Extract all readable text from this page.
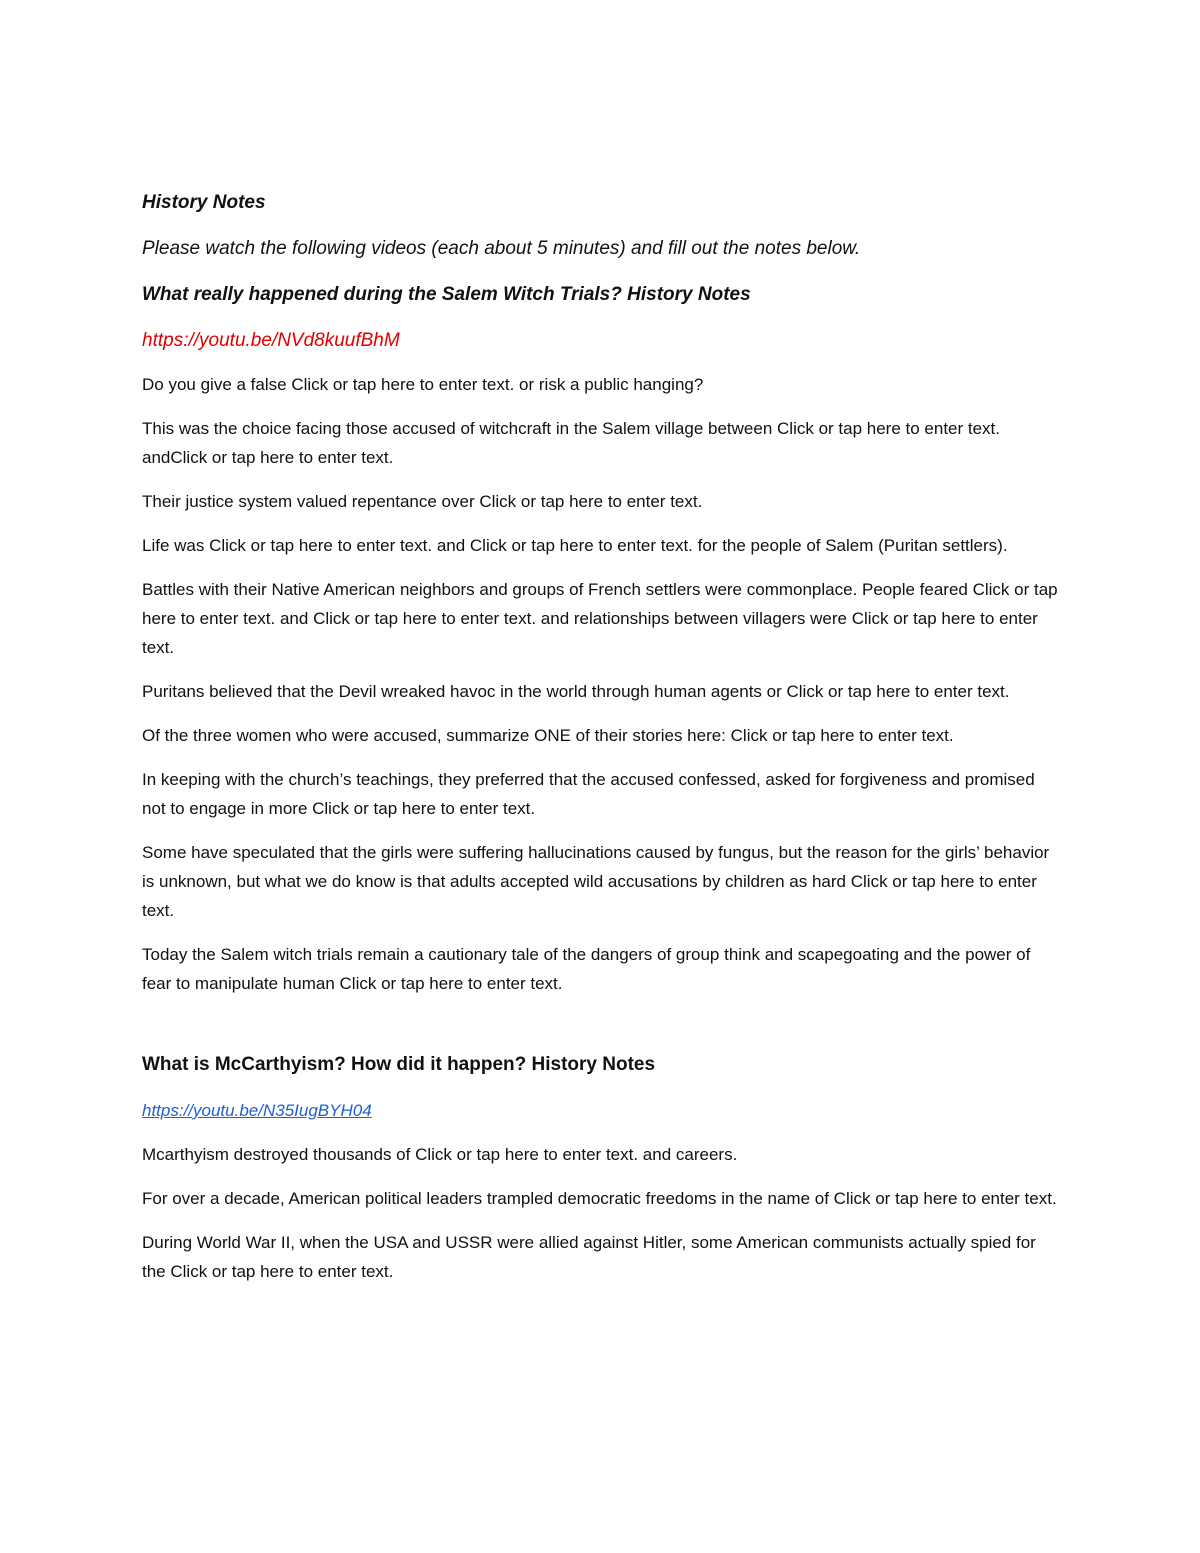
History Notes
Please watch the following videos (each about 5 minutes) and fill out the notes below.
What really happened during the Salem Witch Trials? History Notes
https://youtu.be/NVd8kuufBhM

Do you give a false Click or tap here to enter text. or risk a public hanging?

This was the choice facing those accused of witchcraft in the Salem village between Click or tap here to enter text. andClick or tap here to enter text.

Their justice system valued repentance over Click or tap here to enter text.

Life was Click or tap here to enter text. and Click or tap here to enter text. for the people of Salem (Puritan settlers).

Battles with their Native American neighbors and groups of French settlers were commonplace. People feared Click or tap here to enter text. and Click or tap here to enter text. and relationships between villagers were Click or tap here to enter text.

Puritans believed that the Devil wreaked havoc in the world through human agents or Click or tap here to enter text.

Of the three women who were accused, summarize ONE of their stories here: Click or tap here to enter text.

In keeping with the church’s teachings, they preferred that the accused confessed, asked for forgiveness and promised not to engage in more Click or tap here to enter text.

Some have speculated that the girls were suffering hallucinations caused by fungus, but the reason for the girls’ behavior is unknown, but what we do know is that adults accepted wild accusations by children as hard Click or tap here to enter text.

Today the Salem witch trials remain a cautionary tale of the dangers of group think and scapegoating and the power of fear to manipulate human Click or tap here to enter text.

What is McCarthyism? How did it happen? History Notes
https://youtu.be/N35IugBYH04

Mcarthyism destroyed thousands of Click or tap here to enter text. and careers.

For over a decade, American political leaders trampled democratic freedoms in the name of Click or tap here to enter text.

During World War II, when the USA and USSR were allied against Hitler, some American communists actually spied for the Click or tap here to enter text.
